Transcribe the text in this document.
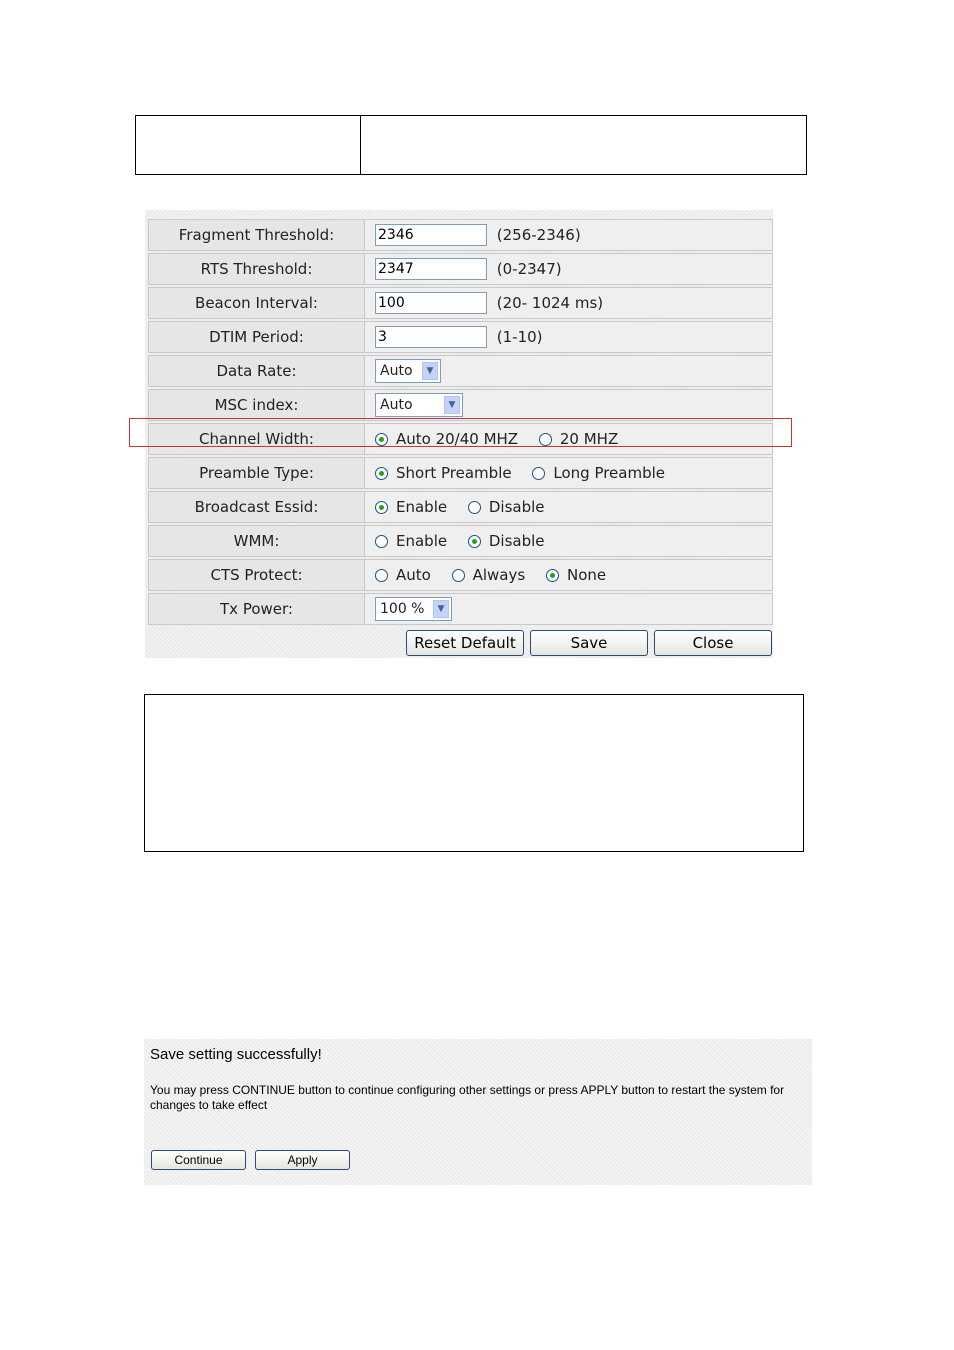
Fragment Threshold:	2346(256-2346)
RTS Threshold:	2347(0-2347)
Beacon Interval:	100(20- 1024 ms)
DTIM Period:	3(1-10)
Data Rate:	Auto ▼

MSC index:	Auto ▼

Channel Width:	Auto 20/40 MHZ 20 MHZ
Preamble Type:	Short Preamble Long Preamble
Broadcast Essid:	Enable Disable
WMM:	Enable Disable
CTS Protect:	Auto Always None
Tx Power:	100 % ▼
Reset Default	Save	Close
Save setting successfully!
You may press CONTINUE button to continue configuring other settings or press APPLY button to restart the system for changes to take effect
Continue	Apply
